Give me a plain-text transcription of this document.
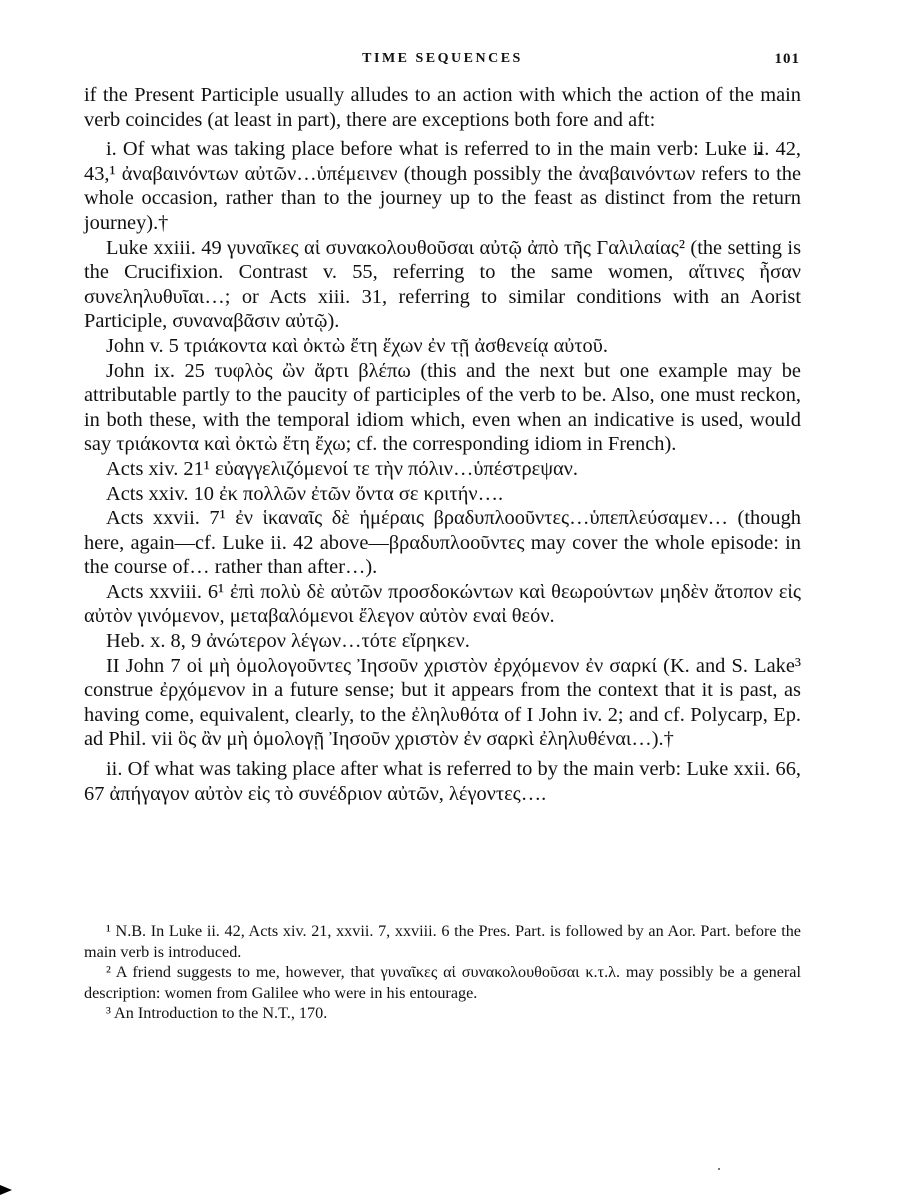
TIME SEQUENCES	101

if the Present Participle usually alludes to an action with which the action of the main verb coincides (at least in part), there are exceptions both fore and aft:

i. Of what was taking place before what is referred to in the main verb: Luke ii. 42, 43,¹ ἀναβαινόντων αὐτῶν…ὑπέμεινεν (though possibly the ἀναβαινόντων refers to the whole occasion, rather than to the journey up to the feast as distinct from the return journey).†

Luke xxiii. 49 γυναῖκες αἱ συνακολουθοῦσαι αὐτῷ ἀπὸ τῆς Γαλιλαίας² (the setting is the Crucifixion. Contrast v. 55, referring to the same women, αἵτινες ἦσαν συνεληλυθυῖαι…; or Acts xiii. 31, referring to similar conditions with an Aorist Participle, συναναβᾶσιν αὐτῷ).

John v. 5 τριάκοντα καὶ ὀκτὼ ἔτη ἔχων ἐν τῇ ἀσθενείᾳ αὐτοῦ.

John ix. 25 τυφλὸς ὢν ἄρτι βλέπω (this and the next but one example may be attributable partly to the paucity of participles of the verb to be. Also, one must reckon, in both these, with the temporal idiom which, even when an indicative is used, would say τριάκοντα καὶ ὀκτὼ ἔτη ἔχω; cf. the corresponding idiom in French).

Acts xiv. 21¹ εὐαγγελιζόμενοί τε τὴν πόλιν…ὑπέστρεψαν.

Acts xxiv. 10 ἐκ πολλῶν ἐτῶν ὄντα σε κριτήν….

Acts xxvii. 7¹ ἐν ἱκαναῖς δὲ ἡμέραις βραδυπλοοῦντες…ὑπεπλεύσαμεν… (though here, again—cf. Luke ii. 42 above—βραδυπλοοῦντες may cover the whole episode: in the course of… rather than after…).

Acts xxviii. 6¹ ἐπὶ πολὺ δὲ αὐτῶν προσδοκώντων καὶ θεωρούντων μηδὲν ἄτοπον εἰς αὐτὸν γινόμενον, μεταβαλόμενοι ἔλεγον αὐτὸν εναἰ θεόν.

Heb. x. 8, 9 ἀνώτερον λέγων…τότε εἴρηκεν.

II John 7 οἱ μὴ ὁμολογοῦντες Ἰησοῦν χριστὸν ἐρχόμενον ἐν σαρκί (K. and S. Lake³ construe ἐρχόμενον in a future sense; but it appears from the context that it is past, as having come, equivalent, clearly, to the ἐληλυθότα of I John iv. 2; and cf. Polycarp, Ep. ad Phil. vii ὃς ἂν μὴ ὁμολογῇ Ἰησοῦν χριστὸν ἐν σαρκὶ ἐληλυθέναι…).†

ii. Of what was taking place after what is referred to by the main verb: Luke xxii. 66, 67 ἀπήγαγον αὐτὸν εἰς τὸ συνέδριον αὐτῶν, λέγοντες….

¹ N.B. In Luke ii. 42, Acts xiv. 21, xxvii. 7, xxviii. 6 the Pres. Part. is followed by an Aor. Part. before the main verb is introduced.

² A friend suggests to me, however, that γυναῖκες αἱ συνακολουθοῦσαι κ.τ.λ. may possibly be a general description: women from Galilee who were in his entourage.

³ An Introduction to the N.T., 170.
